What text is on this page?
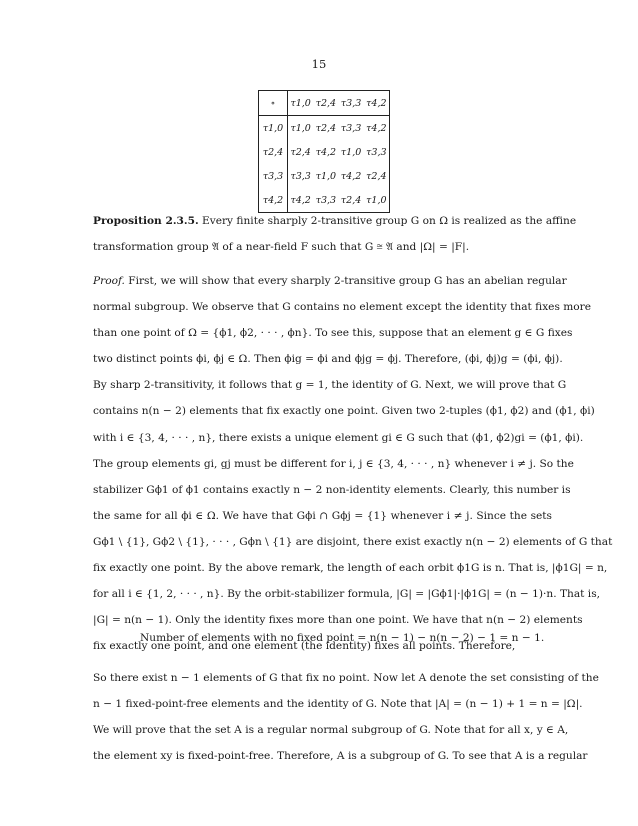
15
∘	τ1,0	τ2,4	τ3,3	τ4,2
τ1,0	τ1,0	τ2,4	τ3,3	τ4,2
τ2,4	τ2,4	τ4,2	τ1,0	τ3,3
τ3,3	τ3,3	τ1,0	τ4,2	τ2,4
τ4,2	τ4,2	τ3,3	τ2,4	τ1,0
Proposition 2.3.5. Every finite sharply 2-transitive group G on Ω is realized as the affine
transformation group 𝔄 of a near-field F such that G ≅ 𝔄 and |Ω| = |F|.
Proof. First, we will show that every sharply 2-transitive group G has an abelian regular
normal subgroup. We observe that G contains no element except the identity that fixes more
than one point of Ω = {ϕ1, ϕ2, · · · , ϕn}. To see this, suppose that an element g ∈ G fixes
two distinct points ϕi, ϕj ∈ Ω. Then ϕig = ϕi and ϕjg = ϕj. Therefore, (ϕi, ϕj)g = (ϕi, ϕj).
By sharp 2-transitivity, it follows that g = 1, the identity of G. Next, we will prove that G
contains n(n − 2) elements that fix exactly one point. Given two 2-tuples (ϕ1, ϕ2) and (ϕ1, ϕi)
with i ∈ {3, 4, · · · , n}, there exists a unique element gi ∈ G such that (ϕ1, ϕ2)gi = (ϕ1, ϕi).
The group elements gi, gj must be different for i, j ∈ {3, 4, · · · , n} whenever i ≠ j. So the
stabilizer Gϕ1 of ϕ1 contains exactly n − 2 non-identity elements. Clearly, this number is
the same for all ϕi ∈ Ω. We have that Gϕi ∩ Gϕj = {1} whenever i ≠ j. Since the sets
Gϕ1 \ {1}, Gϕ2 \ {1}, · · · , Gϕn \ {1} are disjoint, there exist exactly n(n − 2) elements of G that
fix exactly one point. By the above remark, the length of each orbit ϕ1G is n. That is, |ϕ1G| = n,
for all i ∈ {1, 2, · · · , n}. By the orbit-stabilizer formula, |G| = |Gϕ1|·|ϕ1G| = (n − 1)·n. That is,
|G| = n(n − 1). Only the identity fixes more than one point. We have that n(n − 2) elements
fix exactly one point, and one element (the identity) fixes all points. Therefore,
Number of elements with no fixed point = n(n − 1) − n(n − 2) − 1 = n − 1.
So there exist n − 1 elements of G that fix no point. Now let A denote the set consisting of the
n − 1 fixed-point-free elements and the identity of G. Note that |A| = (n − 1) + 1 = n = |Ω|.
We will prove that the set A is a regular normal subgroup of G. Note that for all x, y ∈ A,
the element xy is fixed-point-free. Therefore, A is a subgroup of G. To see that A is a regular
